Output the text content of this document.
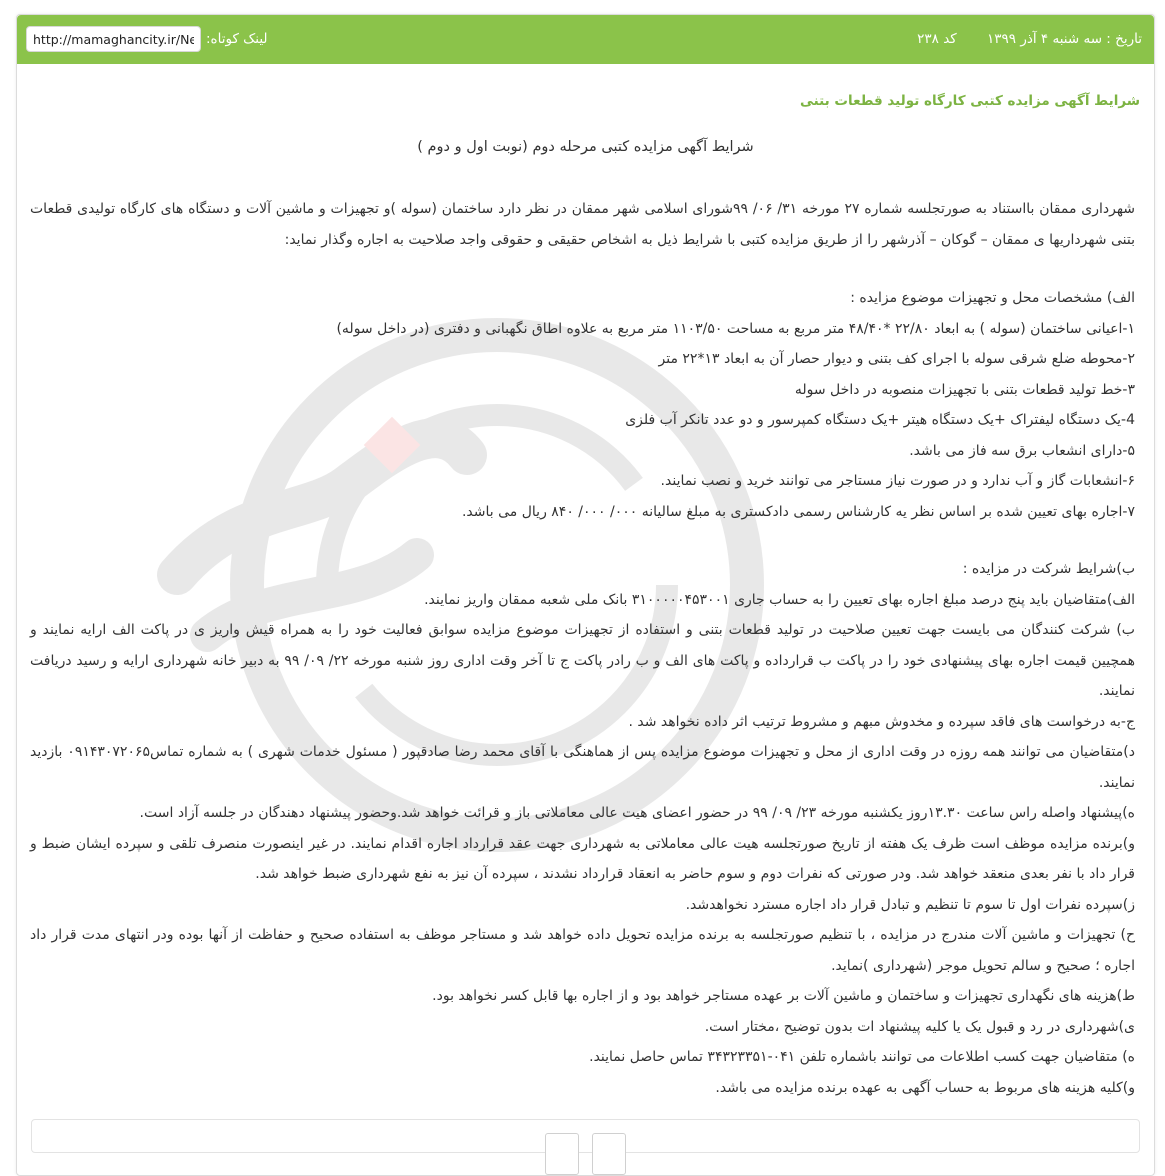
تاریخ : سه شنبه ۴ آذر ۱۳۹۹ کد ۲۳۸
لینک کوتاه:
http://mamaghancity.ir/Ne
شرایط آگهی مزایده کتبی کارگاه تولید قطعات بتنی
شرایط آگهی مزایده کتبی مرحله دوم (نوبت اول و دوم )

شهرداری ممقان باﺍستناد به صورتجلسه شماره ۲۷ مورخه ۳۱/ ۰۶/ ۹۹شورای اسلامی شهر ممقان در نظر دارد ساختمان (سوله )و تجهیزات و ماشین آلات و دستگاه های کارگاه تولیدی قطعات بتنی شهرداریها ی ممقان – گوکان – آذرشهر را از طریق مزایده کتبی با شرایط ذیل به اشخاص حقیقی و حقوقی واجد صلاحیت به اجاره وگذار نماید:

الف) مشخصات محل و تجهیزات موضوع مزایده :
۱-اعیانی ساختمان (سوله ) به ابعاد ۲۲/۸۰ *۴۸/۴۰ متر مربع به مساحت ۱۱۰۳/۵۰ متر مربع به علاوه اطاق نگهبانی و دفتری (در داخل سوله)
۲-محوطه ضلع شرقی سوله با اجرای کف بتنی و دیوار حصار آن به ابعاد ۱۳*۲۲ متر
۳-خط تولید قطعات بتنی با تجهیزات منصوبه در داخل سوله
4-یک دستگاه لیفتراک +یک دستگاه هیتر +یک دستگاه کمپرسور و دو عدد تانکر آب فلزی
۵-دارای انشعاب برق سه فاز می باشد.
۶-انشعابات گاز و آب ندارد و در صورت نیاز مستاجر می توانند خرید و نصب نمایند.
۷-اجاره بهای تعیین شده بر اساس نظر یه کارشناس رسمی دادکستری به مبلغ سالیانه ۰۰۰/ ۰۰۰/ ۸۴۰ ریال می باشد.
ب)شرایط شرکت در مزایده :
الف)متقاضیان باید پنج درصد مبلغ اجاره بهای تعیین را به حساب جاری ۳۱۰۰۰۰۰۴۵۳۰۰۱ بانک ملی شعبه ممقان واریز نمایند.
ب) شرکت کنندگان می بایست جهت تعیین صلاحیت در تولید قطعات بتنی و استفاده از تجهیزات موضوع مزایده سوابق فعالیت خود را به همراه قیش واریز ی در پاکت الف ارایه نمایند و همچیین قیمت اجاره بهای پیشنهادی خود را در پاکت ب قرارداده و پاکت های الف و ب رادر پاکت ج تا آخر وقت اداری روز شنبه مورخه ۲۲/ ۰۹/ ۹۹ به دبیر خانه شهرداری ارایه و رسید دریافت نمایند.
ج-به درخواست های فاقد سپرده و مخدوش مبهم و مشروط ترتیب اثر داده نخواهد شد .
د)متقاضیان می توانند همه روزه در وقت اداری از محل و تجهیزات موضوع مزایده پس از هماهنگی با آقای محمد رضا صادقپور ( مسئول خدمات شهری ) به شماره تماس۰۹۱۴۳۰۷۲۰۶۵ بازدید نمایند.
ه)پیشنهاد واصله راس ساعت ۱۳.۳۰روز یکشنبه مورخه ۲۳/ ۰۹/ ۹۹ در حضور اعضای هیت عالی معاملاتی باز و قرائت خواهد شد.وحضور پیشنهاد دهندگان در جلسه آزاد است.
و)برنده مزایده موظف است ظرف یک هفته از تاریخ صورتجلسه هیت عالی معاملاتی به شهرداری جهت عقد قرارداد اجاره اقدام نمایند. در غیر اینصورت منصرف تلقی و سپرده ایشان ضبط و قرار داد با نفر بعدی منعقد خواهد شد. ودر صورتی که نفرات دوم و سوم حاضر به انعقاد قرارداد نشدند ، سپرده آن نیز به نفع شهرداری ضبط خواهد شد.
ز)سپرده نفرات اول تا سوم تا تنظیم و تبادل قرار داد اجاره مسترد نخواهدشد.
ح) تجهیزات و ماشین آلات مندرج در مزایده ، با تنظیم صورتجلسه به برنده مزایده تحویل داده خواهد شد و مستاجر موظف به استفاده صحیح و حفاظت از آنها بوده ودر انتهای مدت قرار داد اجاره ؛ صحیح و سالم تحویل موجر (شهرداری )نماید.
ط)هزینه های نگهداری تجهیزات و ساختمان و ماشین آلات بر عهده مستاجر خواهد بود و از اجاره بها قابل کسر نخواهد بود.
ی)شهرداری در رد و قبول یک یا کلیه پیشنهاد ات بدون توضیح ،مختار است.
ه) متقاضیان جهت کسب اطلاعات می توانند باشماره تلفن ۰۴۱-۳۴۳۲۳۳۵۱ تماس حاصل نمایند.
و)کلیه هزینه های مربوط به حساب آگهی به عهده برنده مزایده می باشد.
